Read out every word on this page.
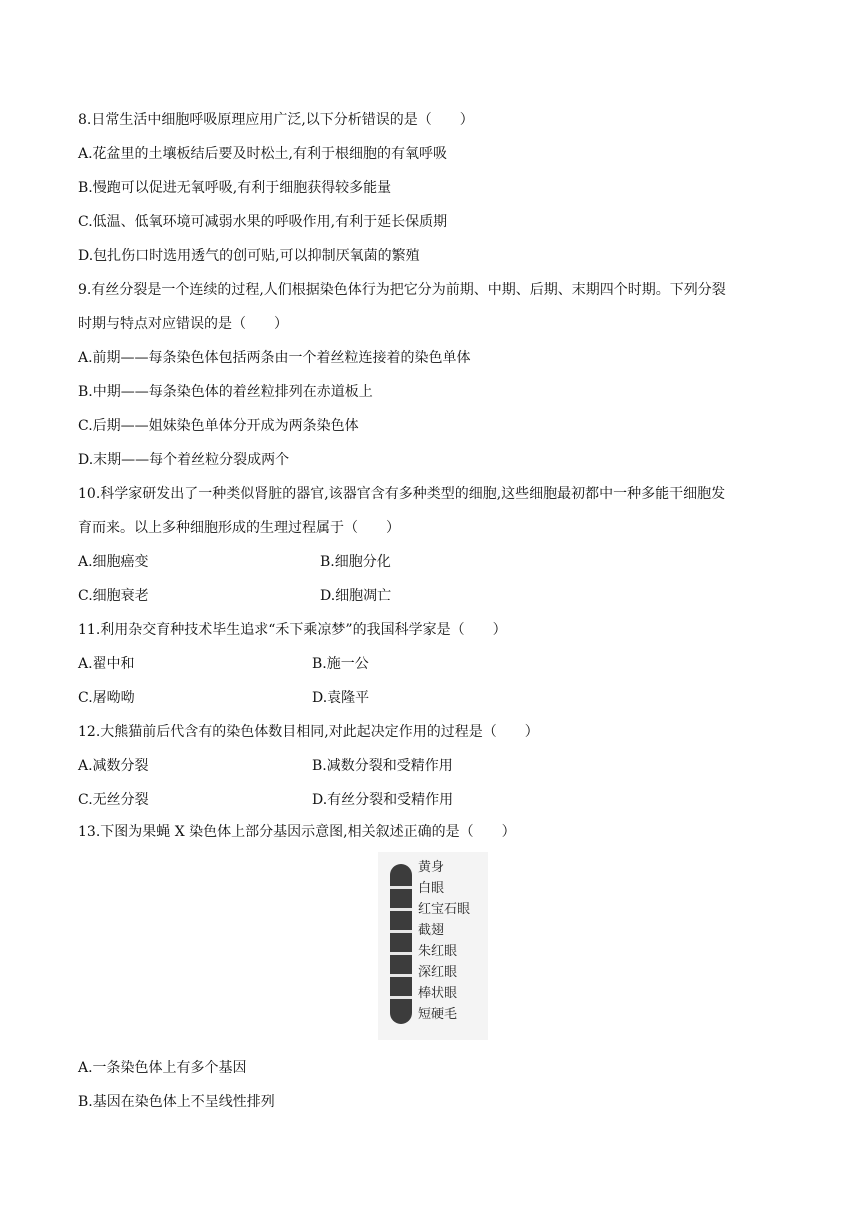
8.日常生活中细胞呼吸原理应用广泛,以下分析错误的是（　　）
A.花盆里的土壤板结后要及时松土,有利于根细胞的有氧呼吸
B.慢跑可以促进无氧呼吸,有利于细胞获得较多能量
C.低温、低氧环境可减弱水果的呼吸作用,有利于延长保质期
D.包扎伤口时选用透气的创可贴,可以抑制厌氧菌的繁殖
9.有丝分裂是一个连续的过程,人们根据染色体行为把它分为前期、中期、后期、末期四个时期。下列分裂
时期与特点对应错误的是（　　）
A.前期——每条染色体包括两条由一个着丝粒连接着的染色单体
B.中期——每条染色体的着丝粒排列在赤道板上
C.后期——姐妹染色单体分开成为两条染色体
D.末期——每个着丝粒分裂成两个
10.科学家研发出了一种类似肾脏的器官,该器官含有多种类型的细胞,这些细胞最初都中一种多能干细胞发
育而来。以上多种细胞形成的生理过程属于（　　）
A.细胞癌变	B.细胞分化
C.细胞衰老	D.细胞凋亡
11.利用杂交育种技术毕生追求“禾下乘凉梦”的我国科学家是（　　）
A.翟中和	B.施一公
C.屠呦呦	D.袁隆平
12.大熊猫前后代含有的染色体数目相同,对此起决定作用的过程是（　　）
A.减数分裂	B.减数分裂和受精作用
C.无丝分裂	D.有丝分裂和受精作用
13.下图为果蝇 X 染色体上部分基因示意图,相关叙述正确的是（　　）
黄身
白眼
红宝石眼
截翅
朱红眼
深红眼
棒状眼
短硬毛
A.一条染色体上有多个基因
B.基因在染色体上不呈线性排列
